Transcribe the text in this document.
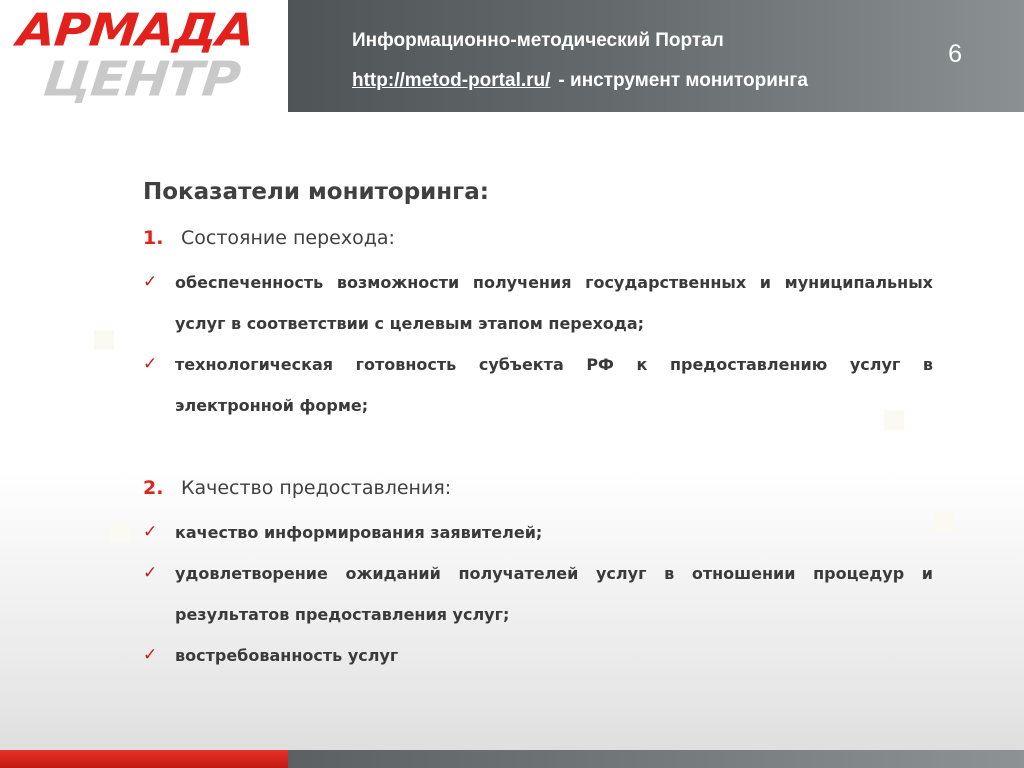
АРМАДА
ЦЕНТР
Информационно-методический Портал
http://metod-portal.ru/ - инструмент мониторинга
6
Показатели мониторинга:
1. Состояние перехода:
✓ обеспеченность возможности получения государственных и муниципальных услуг в соответствии с целевым этапом перехода;
✓ технологическая готовность субъекта РФ к предоставлению услуг в электронной форме;
2. Качество предоставления:
✓ качество информирования заявителей;
✓ удовлетворение ожиданий получателей услуг в отношении процедур и результатов предоставления услуг;
✓ востребованность услуг
